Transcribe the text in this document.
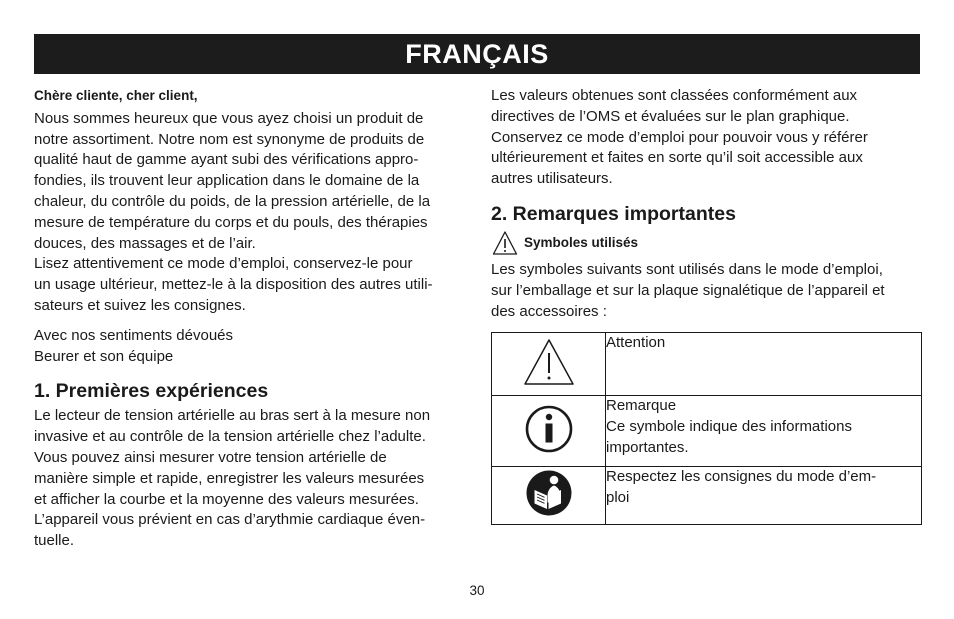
FRANÇAIS

Chère cliente, cher client,

Nous sommes heureux que vous ayez choisi un produit de

notre assortiment. Notre nom est synonyme de produits de

qualité haut de gamme ayant subi des vérifications appro-

fondies, ils trouvent leur application dans le domaine de la

chaleur, du contrôle du poids, de la pression artérielle, de la

mesure de température du corps et du pouls, des thérapies

douces, des massages et de l’air.

Lisez attentivement ce mode d’emploi, conservez-le pour

un usage ultérieur, mettez-le à la disposition des autres utili-

sateurs et suivez les consignes.

Avec nos sentiments dévoués

Beurer et son équipe

1. Premières expériences

Le lecteur de tension artérielle au bras sert à la mesure non

invasive et au contrôle de la tension artérielle chez l’adulte.

Vous pouvez ainsi mesurer votre tension artérielle de

manière simple et rapide, enregistrer les valeurs mesurées

et afficher la courbe et la moyenne des valeurs mesurées.

L’appareil vous prévient en cas d’arythmie cardiaque éven-

tuelle.

Les valeurs obtenues sont classées conformément aux

directives de l’OMS et évaluées sur le plan graphique.

Conservez ce mode d’emploi pour pouvoir vous y référer

ultérieurement et faites en sorte qu’il soit accessible aux

autres utilisateurs.

2. Remarques importantes
Symboles utilisés

Les symboles suivants sont utilisés dans le mode d’emploi,

sur l’emballage et sur la plaque signalétique de l’appareil et

des accessoires :

Attention

Remarque
Ce symbole indique des informations
importantes.

Respectez les consignes du mode d’em-
ploi
30
